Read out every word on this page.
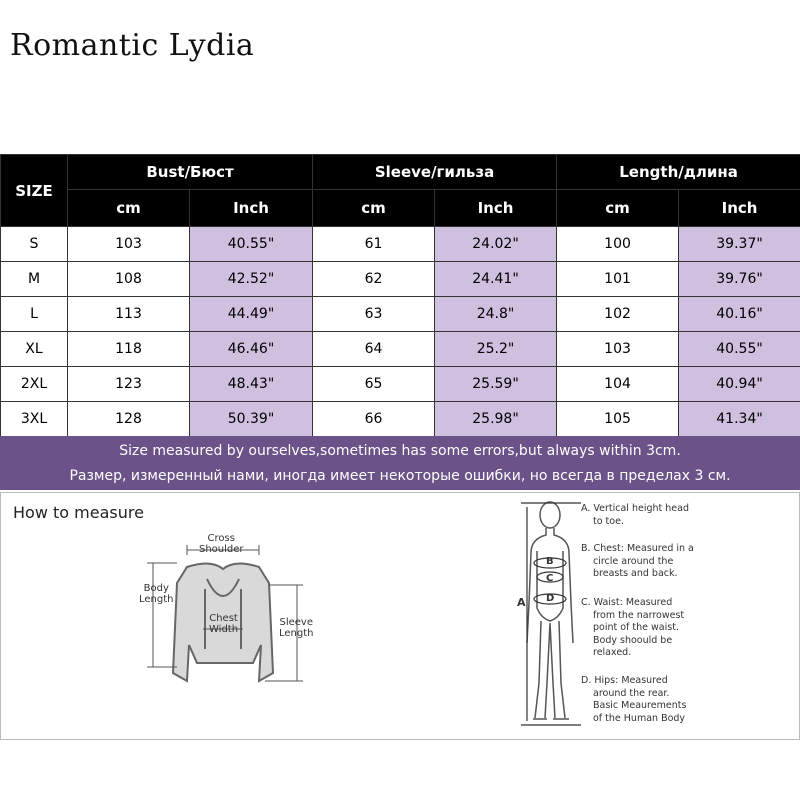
Romantic Lydia
SIZE	Bust/Бюст		Sleeve/гильза		Length/длина	
	cm	Inch	cm	Inch	cm	Inch
S	103	40.55"	61	24.02"	100	39.37"
M	108	42.52"	62	24.41"	101	39.76"
L	113	44.49"	63	24.8"	102	40.16"
XL	118	46.46"	64	25.2"	103	40.55"
2XL	123	48.43"	65	25.59"	104	40.94"
3XL	128	50.39"	66	25.98"	105	41.34"
Size measured by ourselves,sometimes has some errors,but always within 3cm.
Размер, измеренный нами, иногда имеет некоторые ошибки, но всегда в пределах 3 см.
How to measure
Cross
Shoulder
Body
Length
Chest
Width
Sleeve
Length
A
B
C
D
A. Vertical height head
to toe.
B. Chest: Measured in a
circle around the
breasts and back.
C. Waist: Measured
from the narrowest
point of the waist.
Body shoould be
relaxed.
D. Hips: Measured
around the rear.
Basic Meaurements
of the Human Body
